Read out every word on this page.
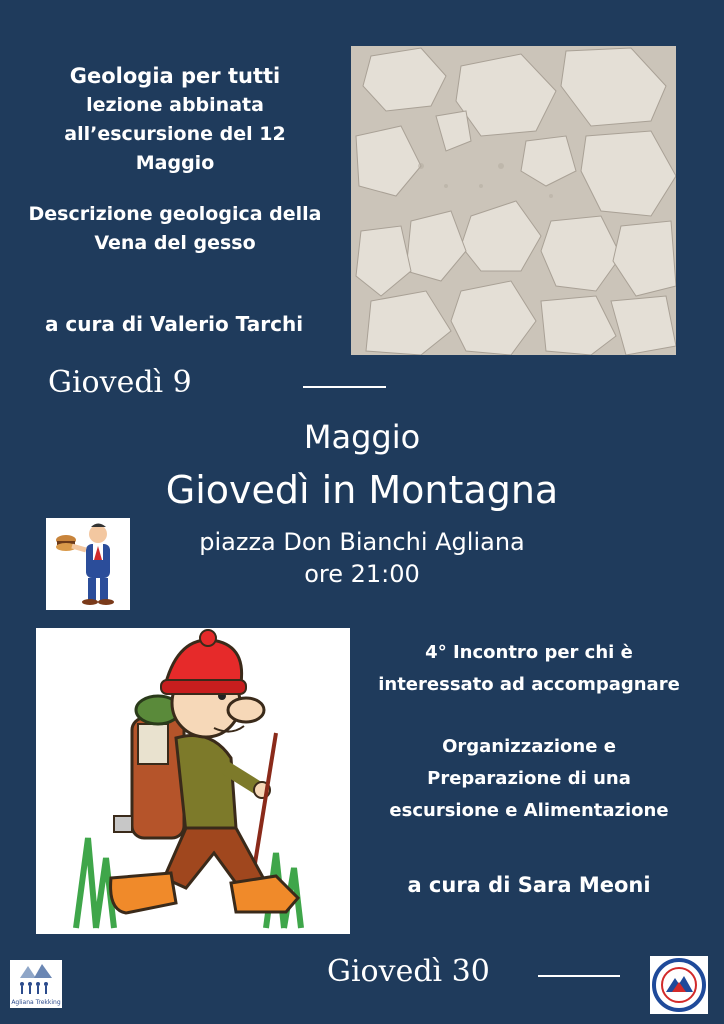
Geologia per tutti
lezione abbinata
all’escursione del 12
Maggio
Descrizione geologica della
Vena del gesso
a cura di Valerio Tarchi
Giovedì 9
Maggio
Giovedì in Montagna
piazza Don Bianchi Agliana
ore 21:00
4° Incontro per chi è
interessato ad accompagnare
Organizzazione e
Preparazione di una
escursione e Alimentazione
a cura di Sara Meoni
Giovedì 30
Agliana Trekking
